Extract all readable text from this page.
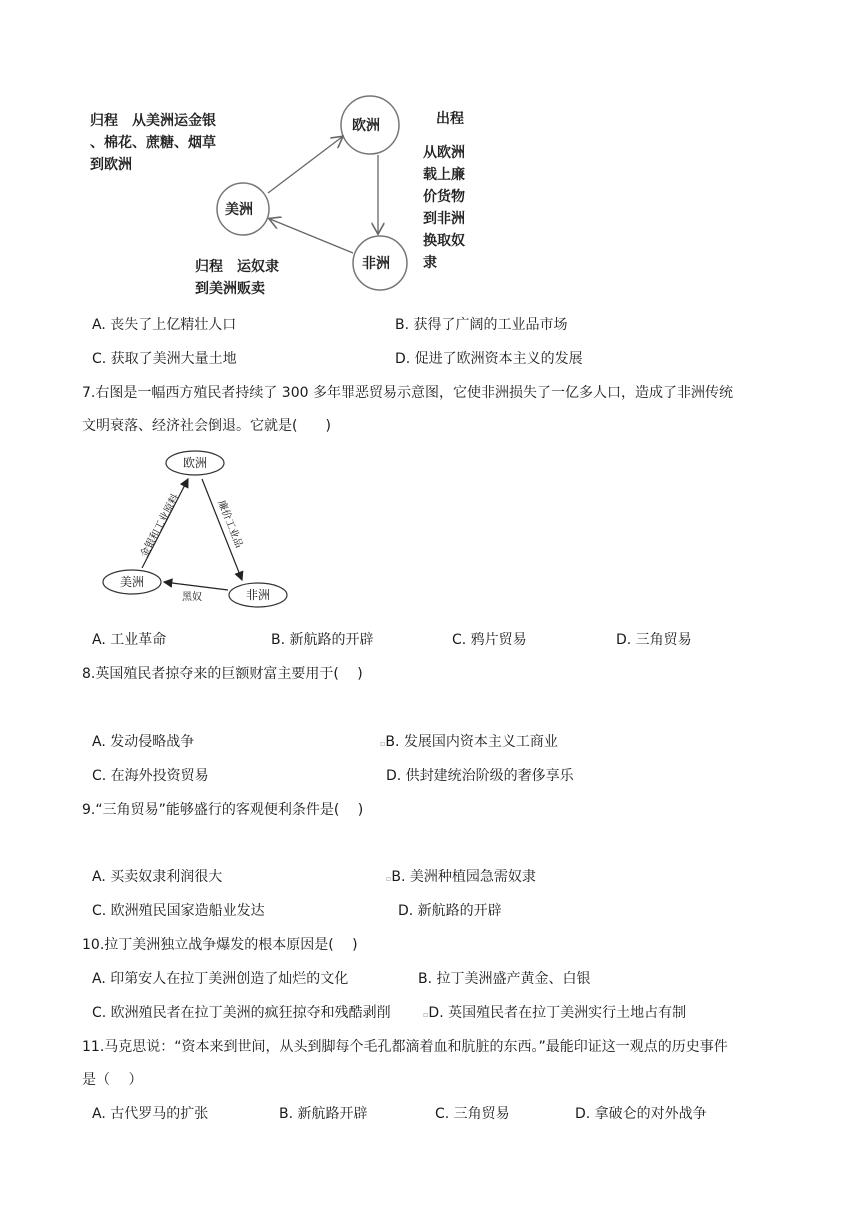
归程　从美洲运金银
、棉花、蔗糖、烟草
到欧洲
欧洲
美洲
非洲
出程
从欧洲
载上廉
价货物
到非洲
换取奴
隶
归程　运奴隶
到美洲贩卖
A. 丧失了上亿精壮人口	B. 获得了广阔的工业品市场
C. 获取了美洲大量土地	D. 促进了欧洲资本主义的发展
7.右图是一幅西方殖民者持续了 300 多年罪恶贸易示意图，它使非洲损失了一亿多人口，造成了非洲传统
文明衰落、经济社会倒退。它就是(　　)
欧洲
美洲
非洲
金银和工业原料	廉价工业品
黑奴
A. 工业革命	B. 新航路的开辟	C. 鸦片贸易	D. 三角贸易
8.英国殖民者掠夺来的巨额财富主要用于(　 )
A. 发动侵略战争	▫B. 发展国内资本主义工商业
C. 在海外投资贸易	D. 供封建统治阶级的奢侈享乐
9.“三角贸易”能够盛行的客观便利条件是(　 )
A. 买卖奴隶利润很大	▫B. 美洲种植园急需奴隶
C. 欧洲殖民国家造船业发达	D. 新航路的开辟
10.拉丁美洲独立战争爆发的根本原因是(　 )
A. 印第安人在拉丁美洲创造了灿烂的文化	B. 拉丁美洲盛产黄金、白银
C. 欧洲殖民者在拉丁美洲的疯狂掠夺和残酷剥削	▫D. 英国殖民者在拉丁美洲实行土地占有制
11.马克思说：“资本来到世间，从头到脚每个毛孔都滴着血和肮脏的东西。”最能印证这一观点的历史事件
是（　 ）
A. 古代罗马的扩张	B. 新航路开辟	C. 三角贸易	D. 拿破仑的对外战争
